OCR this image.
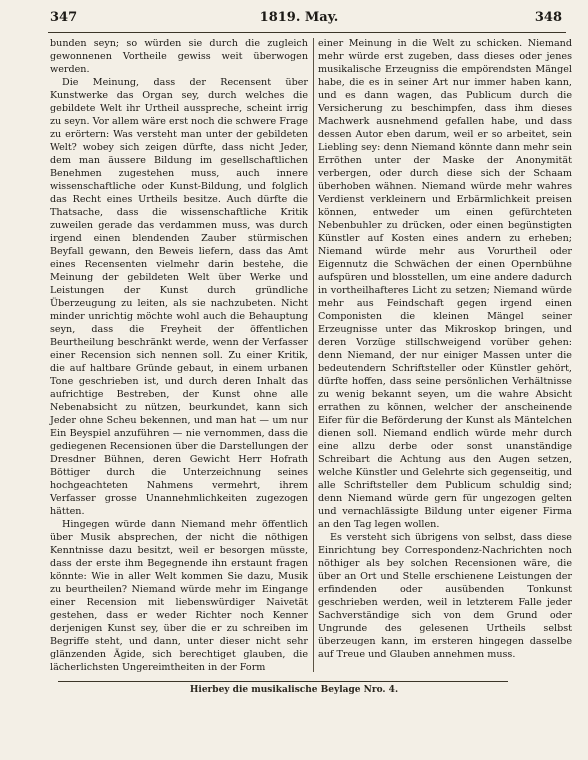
347	1819. May.	348

bunden seyn; so würden sie durch die zugleich gewonnenen Vortheile gewiss weit überwogen werden.

Die Meinung, dass der Recensent über Kunstwerke das Organ sey, durch welches die gebildete Welt ihr Urtheil ausspreche, scheint irrig zu seyn. Vor allem wäre erst noch die schwere Frage zu erörtern: Was versteht man unter der gebildeten Welt? wobey sich zeigen dürfte, dass nicht Jeder, dem man äussere Bildung im gesellschaftlichen Benehmen zugestehen muss, auch innere wissenschaftliche oder Kunst-Bildung, und folglich das Recht eines Urtheils besitze. Auch dürfte die Thatsache, dass die wissenschaftliche Kritik zuweilen gerade das verdammen muss, was durch irgend einen blendenden Zauber stürmischen Beyfall gewann, den Beweis liefern, dass das Amt eines Recensenten vielmehr darin bestehe, die Meinung der gebildeten Welt über Werke und Leistungen der Kunst durch gründliche Überzeugung zu leiten, als sie nachzubeten. Nicht minder unrichtig möchte wohl auch die Behauptung seyn, dass die Freyheit der öffentlichen Beurtheilung beschränkt werde, wenn der Verfasser einer Recension sich nennen soll. Zu einer Kritik, die auf haltbare Gründe gebaut, in einem urbanen Tone geschrieben ist, und durch deren Inhalt das aufrichtige Bestreben, der Kunst ohne alle Nebenabsicht zu nützen, beurkundet, kann sich Jeder ohne Scheu bekennen, und man hat — um nur Ein Beyspiel anzuführen — nie vernommen, dass die gediegenen Recensionen über die Darstellungen der Dresdner Bühnen, deren Gewicht Herr Hofrath Böttiger durch die Unterzeichnung seines hochgeachteten Nahmens vermehrt, ihrem Verfasser grosse Unannehmlichkeiten zugezogen hätten.

Hingegen würde dann Niemand mehr öffentlich über Musik absprechen, der nicht die nöthigen Kenntnisse dazu besitzt, weil er besorgen müsste, dass der erste ihm Begegnende ihn erstaunt fragen könnte: Wie in aller Welt kommen Sie dazu, Musik zu beurtheilen? Niemand würde mehr im Eingange einer Recension mit liebenswürdiger Naivetät gestehen, dass er weder Richter noch Kenner derjenigen Kunst sey, über die er zu schreiben im Begriffe steht, und dann, unter dieser nicht sehr glänzenden Ägide, sich berechtiget glauben, die lächerlichsten Ungereimtheiten in der Form

einer Meinung in die Welt zu schicken. Niemand mehr würde erst zugeben, dass dieses oder jenes musikalische Erzeugniss die empörendsten Mängel habe, die es in seiner Art nur immer haben kann, und es dann wagen, das Publicum durch die Versicherung zu beschimpfen, dass ihm dieses Machwerk ausnehmend gefallen habe, und dass dessen Autor eben darum, weil er so arbeitet, sein Liebling sey: denn Niemand könnte dann mehr sein Erröthen unter der Maske der Anonymität verbergen, oder durch diese sich der Schaam überhoben wähnen. Niemand würde mehr wahres Verdienst verkleinern und Erbärmlichkeit preisen können, entweder um einen gefürchteten Nebenbuhler zu drücken, oder einen begünstigten Künstler auf Kosten eines andern zu erheben; Niemand würde mehr aus Vorurtheil oder Eigennutz die Schwächen der einen Opernbühne aufspüren und blosstellen, um eine andere dadurch in vortheilhafteres Licht zu setzen; Niemand würde mehr aus Feindschaft gegen irgend einen Componisten die kleinen Mängel seiner Erzeugnisse unter das Mikroskop bringen, und deren Vorzüge stillschweigend vorüber gehen: denn Niemand, der nur einiger Massen unter die bedeutendern Schriftsteller oder Künstler gehört, dürfte hoffen, dass seine persönlichen Verhältnisse zu wenig bekannt seyen, um die wahre Absicht errathen zu können, welcher der anscheinende Eifer für die Beförderung der Kunst als Mäntelchen dienen soll. Niemand endlich würde mehr durch eine allzu derbe oder sonst unanständige Schreibart die Achtung aus den Augen setzen, welche Künstler und Gelehrte sich gegenseitig, und alle Schriftsteller dem Publicum schuldig sind; denn Niemand würde gern für ungezogen gelten und vernachlässigte Bildung unter eigener Firma an den Tag legen wollen.

Es versteht sich übrigens von selbst, dass diese Einrichtung bey Correspondenz-Nachrichten noch nöthiger als bey solchen Recensionen wäre, die über an Ort und Stelle erschienene Leistungen der erfindenden oder ausübenden Tonkunst geschrieben werden, weil in letzterem Falle jeder Sachverständige sich von dem Grund oder Ungrunde des gelesenen Urtheils selbst überzeugen kann, im ersteren hingegen dasselbe auf Treue und Glauben annehmen muss.

Hierbey die musikalische Beylage Nro. 4.
